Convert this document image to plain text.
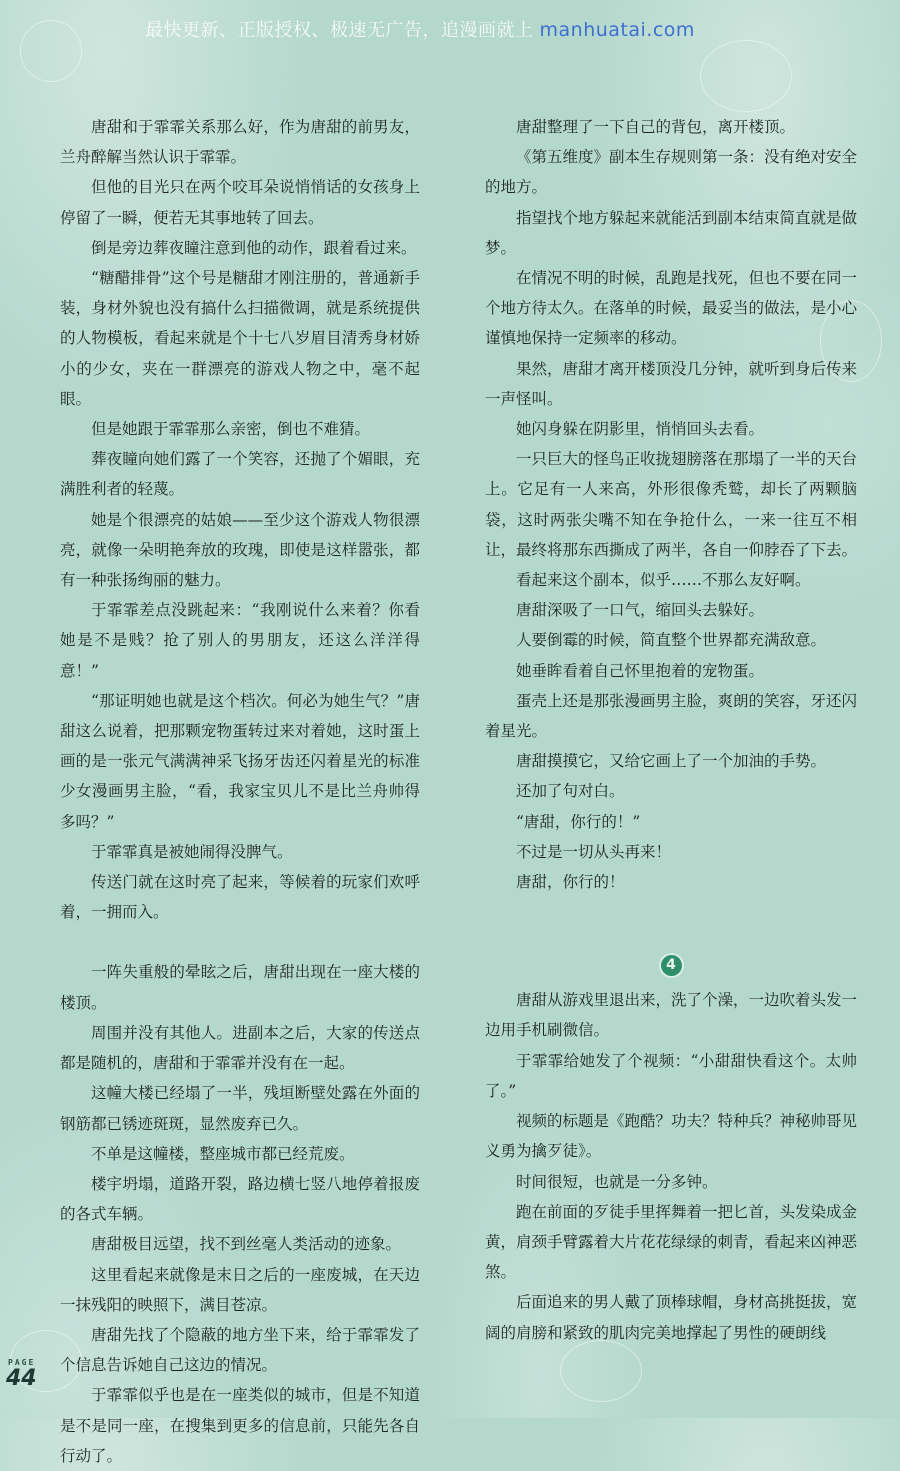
最快更新、正版授权、极速无广告，追漫画就上 manhuatai.com

唐甜和于霏霏关系那么好，作为唐甜的前男友，兰舟醉解当然认识于霏霏。

但他的目光只在两个咬耳朵说悄悄话的女孩身上停留了一瞬，便若无其事地转了回去。

倒是旁边葬夜瞳注意到他的动作，跟着看过来。

“糖醋排骨”这个号是糖甜才刚注册的，普通新手装，身材外貌也没有搞什么扫描微调，就是系统提供的人物模板，看起来就是个十七八岁眉目清秀身材娇小的少女，夹在一群漂亮的游戏人物之中，毫不起眼。

但是她跟于霏霏那么亲密，倒也不难猜。

葬夜瞳向她们露了一个笑容，还抛了个媚眼，充满胜利者的轻蔑。

她是个很漂亮的姑娘——至少这个游戏人物很漂亮，就像一朵明艳奔放的玫瑰，即使是这样嚣张，都有一种张扬绚丽的魅力。

于霏霏差点没跳起来：“我刚说什么来着？你看她是不是贱？抢了别人的男朋友，还这么洋洋得意！”

“那证明她也就是这个档次。何必为她生气？”唐甜这么说着，把那颗宠物蛋转过来对着她，这时蛋上画的是一张元气满满神采飞扬牙齿还闪着星光的标准少女漫画男主脸，“看，我家宝贝儿不是比兰舟帅得多吗？”

于霏霏真是被她闹得没脾气。

传送门就在这时亮了起来，等候着的玩家们欢呼着，一拥而入。

一阵失重般的晕眩之后，唐甜出现在一座大楼的楼顶。

周围并没有其他人。进副本之后，大家的传送点都是随机的，唐甜和于霏霏并没有在一起。

这幢大楼已经塌了一半，残垣断壁处露在外面的钢筋都已锈迹斑斑，显然废弃已久。

不单是这幢楼，整座城市都已经荒废。

楼宇坍塌，道路开裂，路边横七竖八地停着报废的各式车辆。

唐甜极目远望，找不到丝毫人类活动的迹象。

这里看起来就像是末日之后的一座废城，在天边一抹残阳的映照下，满目苍凉。

唐甜先找了个隐蔽的地方坐下来，给于霏霏发了个信息告诉她自己这边的情况。

于霏霏似乎也是在一座类似的城市，但是不知道是不是同一座，在搜集到更多的信息前，只能先各自行动了。

唐甜整理了一下自己的背包，离开楼顶。

《第五维度》副本生存规则第一条：没有绝对安全的地方。

指望找个地方躲起来就能活到副本结束简直就是做梦。

在情况不明的时候，乱跑是找死，但也不要在同一个地方待太久。在落单的时候，最妥当的做法，是小心谨慎地保持一定频率的移动。

果然，唐甜才离开楼顶没几分钟，就听到身后传来一声怪叫。

她闪身躲在阴影里，悄悄回头去看。

一只巨大的怪鸟正收拢翅膀落在那塌了一半的天台上。它足有一人来高，外形很像秃鹫，却长了两颗脑袋，这时两张尖嘴不知在争抢什么，一来一往互不相让，最终将那东西撕成了两半，各自一仰脖吞了下去。

看起来这个副本，似乎……不那么友好啊。

唐甜深吸了一口气，缩回头去躲好。

人要倒霉的时候，简直整个世界都充满敌意。

她垂眸看着自己怀里抱着的宠物蛋。

蛋壳上还是那张漫画男主脸，爽朗的笑容，牙还闪着星光。

唐甜摸摸它，又给它画上了一个加油的手势。

还加了句对白。

“唐甜，你行的！”

不过是一切从头再来！

唐甜，你行的！

4

唐甜从游戏里退出来，洗了个澡，一边吹着头发一边用手机刷微信。

于霏霏给她发了个视频：“小甜甜快看这个。太帅了。”

视频的标题是《跑酷？功夫？特种兵？神秘帅哥见义勇为擒歹徒》。

时间很短，也就是一分多钟。

跑在前面的歹徒手里挥舞着一把匕首，头发染成金黄，肩颈手臂露着大片花花绿绿的刺青，看起来凶神恶煞。

后面追来的男人戴了顶棒球帽，身材高挑挺拔，宽阔的肩膀和紧致的肌肉完美地撑起了男性的硬朗线

PAGE
44
